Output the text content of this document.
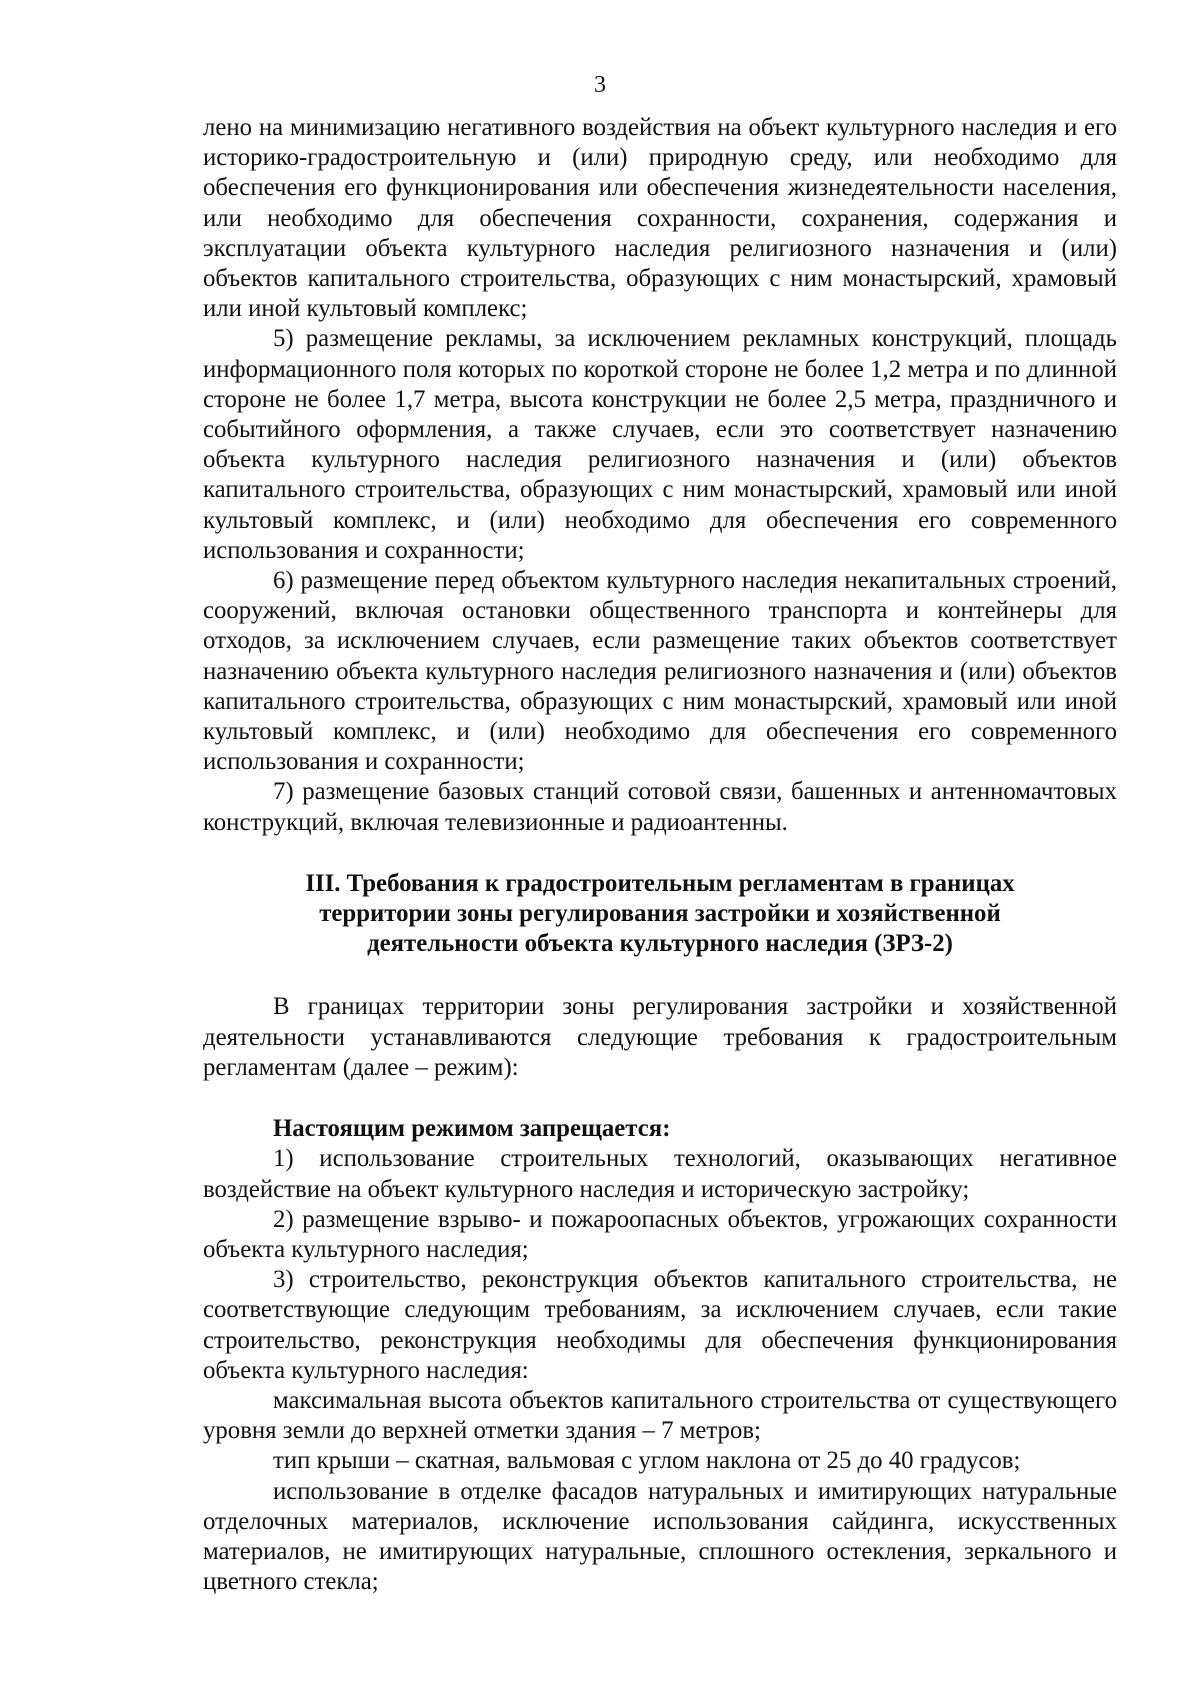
3

лено на минимизацию негативного воздействия на объект культурного наследия и его историко-градостроительную и (или) природную среду, или необходимо для обеспечения его функционирования или обеспечения жизнедеятельности населения, или необходимо для обеспечения сохранности, сохранения, содержания и эксплуатации объекта культурного наследия религиозного назначения и (или) объектов капитального строительства, образующих с ним монастырский, храмовый или иной культовый комплекс;

5) размещение рекламы, за исключением рекламных конструкций, площадь информационного поля которых по короткой стороне не более 1,2 метра и по длинной стороне не более 1,7 метра, высота конструкции не более 2,5 метра, праздничного и событийного оформления, а также случаев, если это соответствует назначению объекта культурного наследия религиозного назначения и (или) объектов капитального строительства, образующих с ним монастырский, храмовый или иной культовый комплекс, и (или) необходимо для обеспечения его современного использования и сохранности;

6) размещение перед объектом культурного наследия некапитальных строений, сооружений, включая остановки общественного транспорта и контейнеры для отходов, за исключением случаев, если размещение таких объектов соответствует назначению объекта культурного наследия религиозного назначения и (или) объектов капитального строительства, образующих с ним монастырский, храмовый или иной культовый комплекс, и (или) необходимо для обеспечения его современного использования и сохранности;

7) размещение базовых станций сотовой связи, башенных и антенномачтовых конструкций, включая телевизионные и радиоантенны.

III. Требования к градостроительным регламентам в границах
территории зоны регулирования застройки и хозяйственной
деятельности объекта культурного наследия (ЗРЗ-2)

В границах территории зоны регулирования застройки и хозяйственной деятельности устанавливаются следующие требования к градостроительным регламентам (далее – режим):

Настоящим режимом запрещается:

1) использование строительных технологий, оказывающих негативное воздействие на объект культурного наследия и историческую застройку;

2) размещение взрыво- и пожароопасных объектов, угрожающих сохранности объекта культурного наследия;

3) строительство, реконструкция объектов капитального строительства, не соответствующие следующим требованиям, за исключением случаев, если такие строительство, реконструкция необходимы для обеспечения функционирования объекта культурного наследия:

максимальная высота объектов капитального строительства от существующего уровня земли до верхней отметки здания – 7 метров;

тип крыши – скатная, вальмовая с углом наклона от 25 до 40 градусов;

использование в отделке фасадов натуральных и имитирующих натуральные отделочных материалов, исключение использования сайдинга, искусственных материалов, не имитирующих натуральные, сплошного остекления, зеркального и цветного стекла;
